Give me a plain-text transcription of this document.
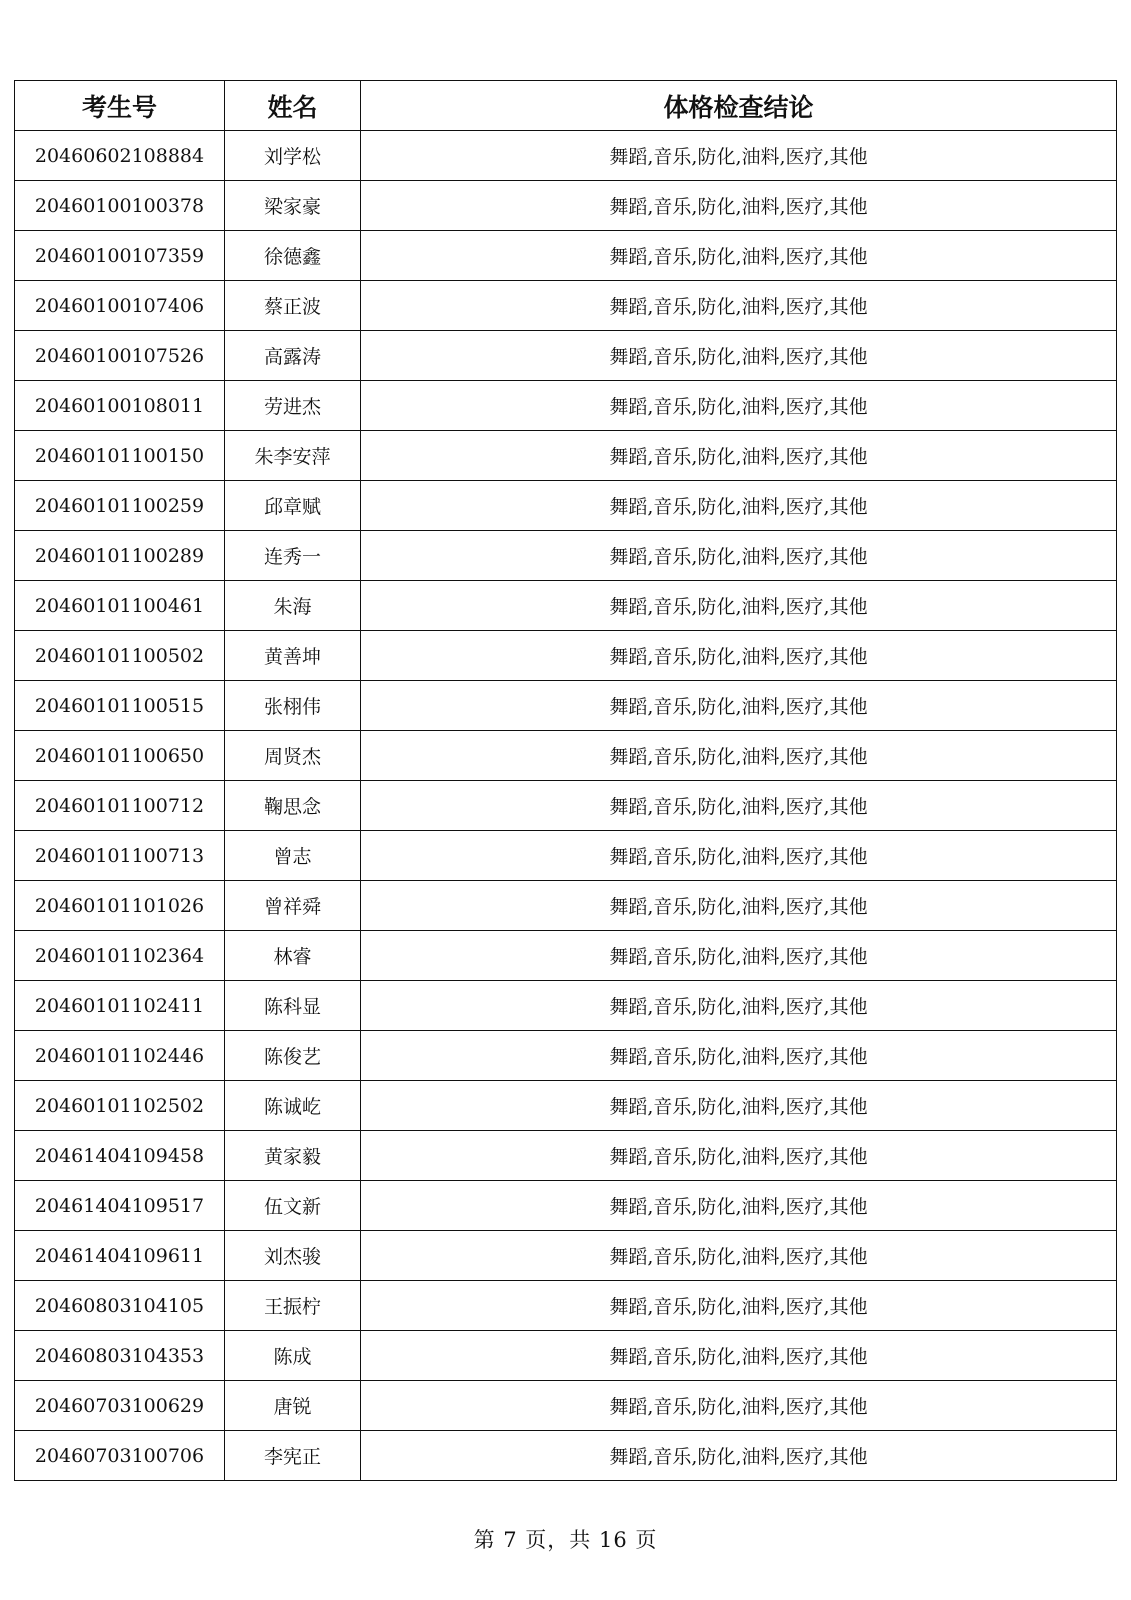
考生号	姓名	体格检查结论
20460602108884	刘学松	舞蹈,音乐,防化,油料,医疗,其他
20460100100378	梁家豪	舞蹈,音乐,防化,油料,医疗,其他
20460100107359	徐德鑫	舞蹈,音乐,防化,油料,医疗,其他
20460100107406	蔡正波	舞蹈,音乐,防化,油料,医疗,其他
20460100107526	高露涛	舞蹈,音乐,防化,油料,医疗,其他
20460100108011	劳进杰	舞蹈,音乐,防化,油料,医疗,其他
20460101100150	朱李安萍	舞蹈,音乐,防化,油料,医疗,其他
20460101100259	邱章赋	舞蹈,音乐,防化,油料,医疗,其他
20460101100289	连秀一	舞蹈,音乐,防化,油料,医疗,其他
20460101100461	朱海	舞蹈,音乐,防化,油料,医疗,其他
20460101100502	黄善坤	舞蹈,音乐,防化,油料,医疗,其他
20460101100515	张栩伟	舞蹈,音乐,防化,油料,医疗,其他
20460101100650	周贤杰	舞蹈,音乐,防化,油料,医疗,其他
20460101100712	鞠思念	舞蹈,音乐,防化,油料,医疗,其他
20460101100713	曾志	舞蹈,音乐,防化,油料,医疗,其他
20460101101026	曾祥舜	舞蹈,音乐,防化,油料,医疗,其他
20460101102364	林睿	舞蹈,音乐,防化,油料,医疗,其他
20460101102411	陈科显	舞蹈,音乐,防化,油料,医疗,其他
20460101102446	陈俊艺	舞蹈,音乐,防化,油料,医疗,其他
20460101102502	陈诚屹	舞蹈,音乐,防化,油料,医疗,其他
20461404109458	黄家毅	舞蹈,音乐,防化,油料,医疗,其他
20461404109517	伍文新	舞蹈,音乐,防化,油料,医疗,其他
20461404109611	刘杰骏	舞蹈,音乐,防化,油料,医疗,其他
20460803104105	王振柠	舞蹈,音乐,防化,油料,医疗,其他
20460803104353	陈成	舞蹈,音乐,防化,油料,医疗,其他
20460703100629	唐锐	舞蹈,音乐,防化,油料,医疗,其他
20460703100706	李宪正	舞蹈,音乐,防化,油料,医疗,其他
第 7 页，共 16 页
